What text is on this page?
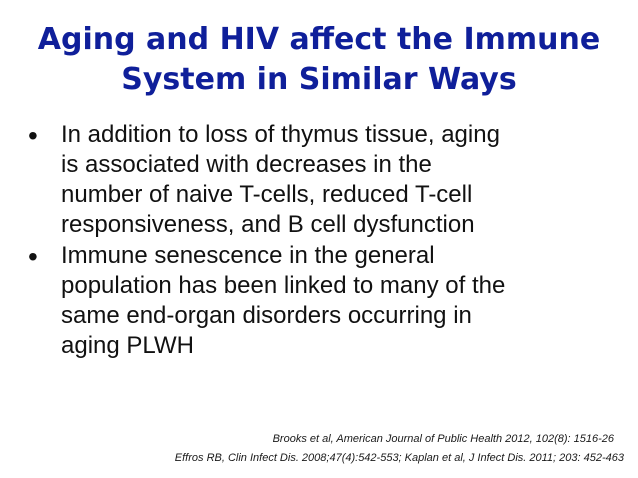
Aging and HIV affect the Immune
System in Similar Ways
• In addition to loss of thymus tissue, aging
is associated with decreases in the
number of naive T-cells, reduced T-cell
responsiveness, and B cell dysfunction
• Immune senescence in the general
population has been linked to many of the
same end-organ disorders occurring in
aging PLWH
Brooks et al, American Journal of Public Health 2012, 102(8): 1516-26
Effros RB, Clin Infect Dis. 2008;47(4):542-553; Kaplan et al, J Infect Dis. 2011; 203: 452-463
